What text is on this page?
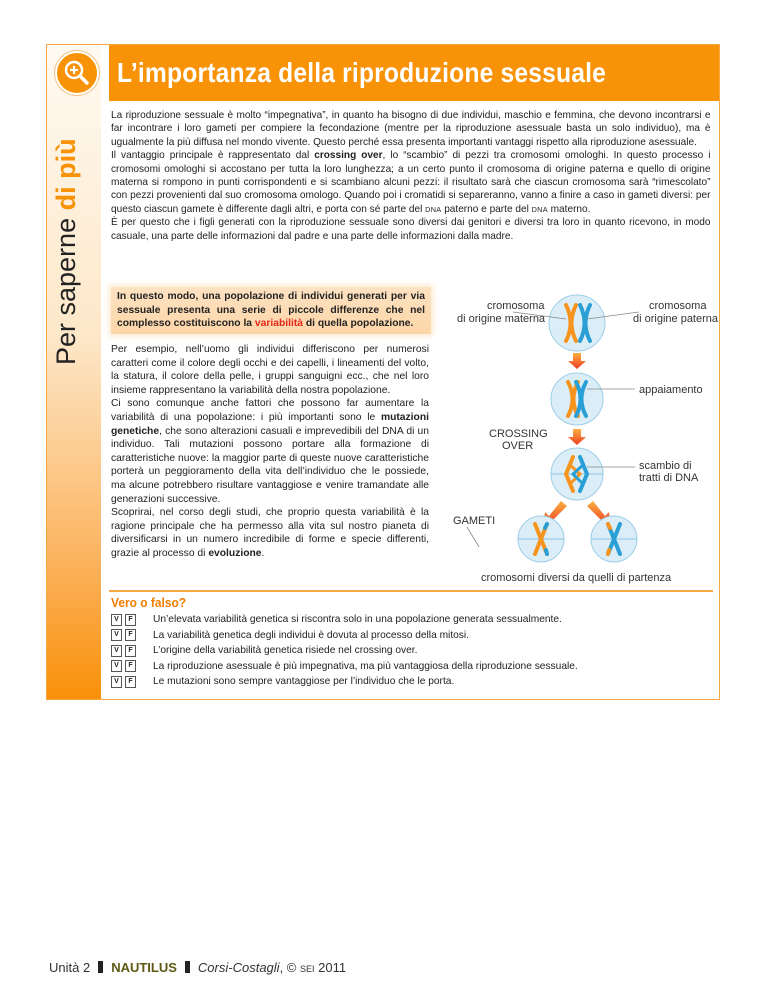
Per saperne di più
L’importanza della riproduzione sessuale

La riproduzione sessuale è molto “impegnativa”, in quanto ha bisogno di due individui, maschio e femmina, che devono incontrarsi e far incontrare i loro gameti per compiere la fecondazione (mentre per la riproduzione asessuale basta un solo individuo), ma è ugualmente la più diffusa nel mondo vivente. Questo perché essa presenta importanti vantaggi rispetto alla riproduzione asessuale.

Il vantaggio principale è rappresentato dal crossing over, lo “scambio” di pezzi tra cromosomi omologhi. In questo processo i cromosomi omologhi si accostano per tutta la loro lunghezza; a un certo punto il cromosoma di origine paterna e quello di origine materna si rompono in punti corrispondenti e si scambiano alcuni pezzi: il risultato sarà che ciascun cromosoma sarà “rimescolato” con pezzi provenienti dal suo cromosoma omologo. Quando poi i cromatidi si separeranno, vanno a finire a caso in gameti diversi: per questo ciascun gamete è differente dagli altri, e porta con sé parte del DNA paterno e parte del DNA materno.

È per questo che i figli generati con la riproduzione sessuale sono diversi dai genitori e diversi tra loro in quanto ricevono, in modo casuale, una parte delle informazioni dal padre e una parte delle informazioni dalla madre.

In questo modo, una popolazione di individui generati per via sessuale presenta una serie di piccole differenze che nel complesso costituiscono la variabilità di quella popolazione.

Per esempio, nell’uomo gli individui differiscono per numerosi caratteri come il colore degli occhi e dei capelli, i lineamenti del volto, la statura, il colore della pelle, i gruppi sanguigni ecc., che nel loro insieme rappresentano la variabilità della nostra popolazione.

Ci sono comunque anche fattori che possono far aumentare la variabilità di una popolazione: i più importanti sono le mutazioni genetiche, che sono alterazioni casuali e imprevedibili del DNA di un individuo. Tali mutazioni possono portare alla formazione di caratteristiche nuove: la maggior parte di queste nuove caratteristiche porterà un peggioramento della vita dell’individuo che le possiede, ma alcune potrebbero risultare vantaggiose e venire tramandate alle generazioni successive.

Scoprirai, nel corso degli studi, che proprio questa variabilità è la ragione principale che ha permesso alla vita sul nostro pianeta di diversificarsi in un numero incredibile di forme e specie differenti, grazie al processo di evoluzione.

cromosoma
di origine materna
cromosoma
di origine paterna
appaiamento
CROSSING
OVER
scambio di
tratti di DNA
GAMETI
cromosomi diversi da quelli di partenza
Vero o falso?
V	F	Un’elevata variabilità genetica si riscontra solo in una popolazione generata sessualmente.
V	F	La variabilità genetica degli individui è dovuta al processo della mitosi.
V	F	L’origine della variabilità genetica risiede nel crossing over.
V	F	La riproduzione asessuale è più impegnativa, ma più vantaggiosa della riproduzione sessuale.
V	F	Le mutazioni sono sempre vantaggiose per l’individuo che le porta.
Unità 2 NAUTILUS Corsi-Costagli, © SEI 2011
